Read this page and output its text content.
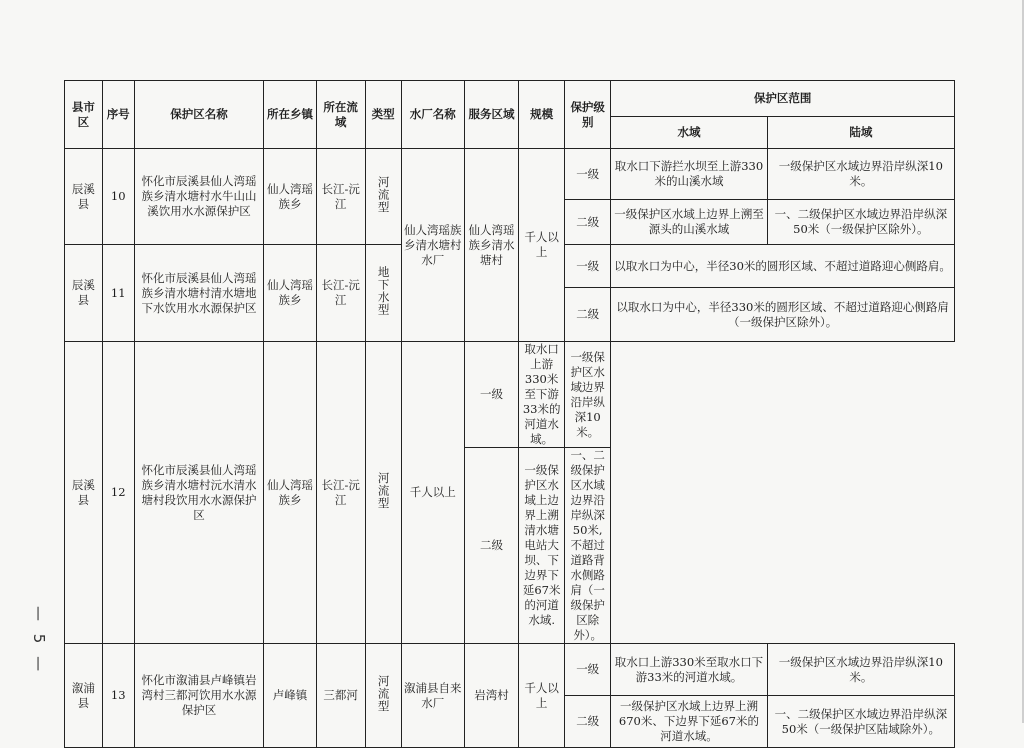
县市区	序号	保护区名称	所在乡镇	所在流域	类型	水厂名称	服务区域	规模	保护级别	保护区范围	
										水域	陆域
辰溪县	10	怀化市辰溪县仙人湾瑶族乡清水塘村水牛山山溪饮用水水源保护区	仙人湾瑶族乡	长江-沅江	河流型	仙人湾瑶族乡清水塘村水厂	仙人湾瑶族乡清水塘村	千人以上	一级	取水口下游拦水坝至上游330米的山溪水域	一级保护区水域边界沿岸纵深10米。
									二级	一级保护区水域上边界上溯至源头的山溪水域	一、二级保护区水域边界沿岸纵深50米（一级保护区除外）。
辰溪县	11	怀化市辰溪县仙人湾瑶族乡清水塘村清水塘地下水饮用水水源保护区	仙人湾瑶族乡	长江-沅江	地下水型				一级	以取水口为中心，半径30米的圆形区域、不超过道路迎心侧路肩。	
									二级	以取水口为中心，半径330米的圆形区域、不超过道路迎心侧路肩（一级保护区除外）。	
辰溪县	12	怀化市辰溪县仙人湾瑶族乡清水塘村沅水清水塘村段饮用水水源保护区	仙人湾瑶族乡	长江-沅江	河流型	千人以上	一级	取水口上游330米至下游33米的河道水域。	一级保护区水域边界沿岸纵深10米。		
							二级	一级保护区水域上边界上溯清水塘电站大坝、下边界下延67米的河道水域.	一、二级保护区水域边界沿岸纵深50米,不超过道路背水侧路肩（一级保护区除外）。		
溆浦县	13	怀化市溆浦县卢峰镇岩湾村三都河饮用水水源保护区	卢峰镇	三都河	河流型	溆浦县自来水厂	岩湾村	千人以上	一级	取水口上游330米至取水口下游33米的河道水域。	一级保护区水域边界沿岸纵深10米。
									二级	一级保护区水域上边界上溯670米、下边界下延67米的河道水域。	一、二级保护区水域边界沿岸纵深50米（一级保护区陆域除外）。
— 5 —
